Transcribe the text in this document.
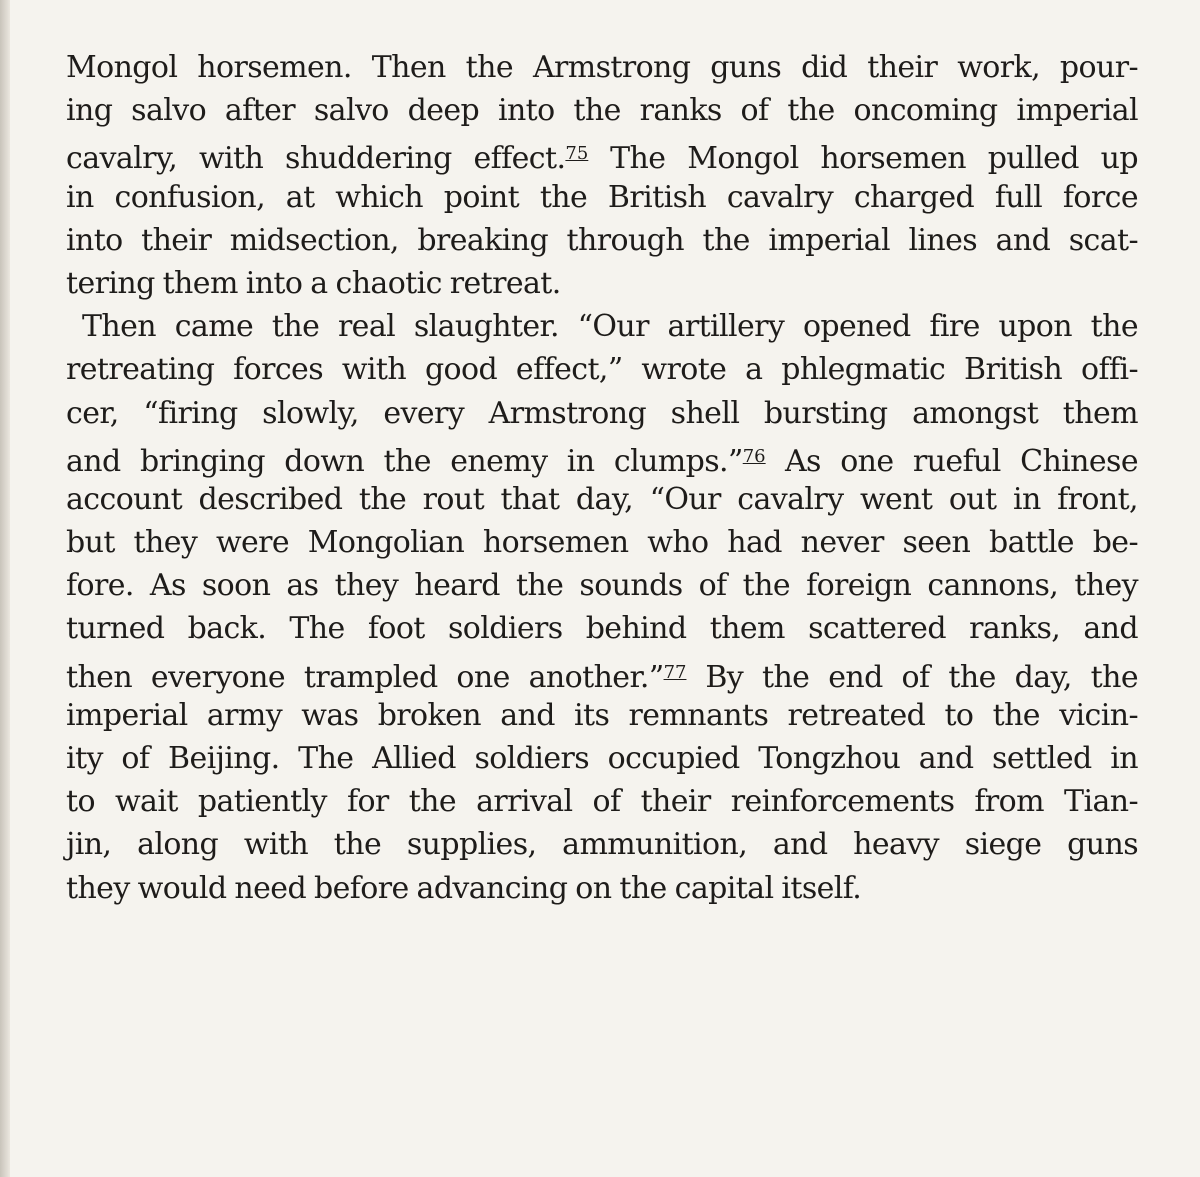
Mongol horsemen. Then the Armstrong guns did their work, pour-
ing salvo after salvo deep into the ranks of the oncoming imperial
cavalry, with shuddering effect.$^{75}$ The Mongol horsemen pulled up
in confusion, at which point the British cavalry charged full force
into their midsection, breaking through the imperial lines and scat-
tering them into a chaotic retreat.
Then came the real slaughter. “Our artillery opened fire upon the
retreating forces with good effect,” wrote a phlegmatic British offi-
cer, “firing slowly, every Armstrong shell bursting amongst them
and bringing down the enemy in clumps.”$^{76}$ As one rueful Chinese
account described the rout that day, “Our cavalry went out in front,
but they were Mongolian horsemen who had never seen battle be-
fore. As soon as they heard the sounds of the foreign cannons, they
turned back. The foot soldiers behind them scattered ranks, and
then everyone trampled one another.”$^{77}$ By the end of the day, the
imperial army was broken and its remnants retreated to the vicin-
ity of Beijing. The Allied soldiers occupied Tongzhou and settled in
to wait patiently for the arrival of their reinforcements from Tian-
jin, along with the supplies, ammunition, and heavy siege guns
they would need before advancing on the capital itself.
